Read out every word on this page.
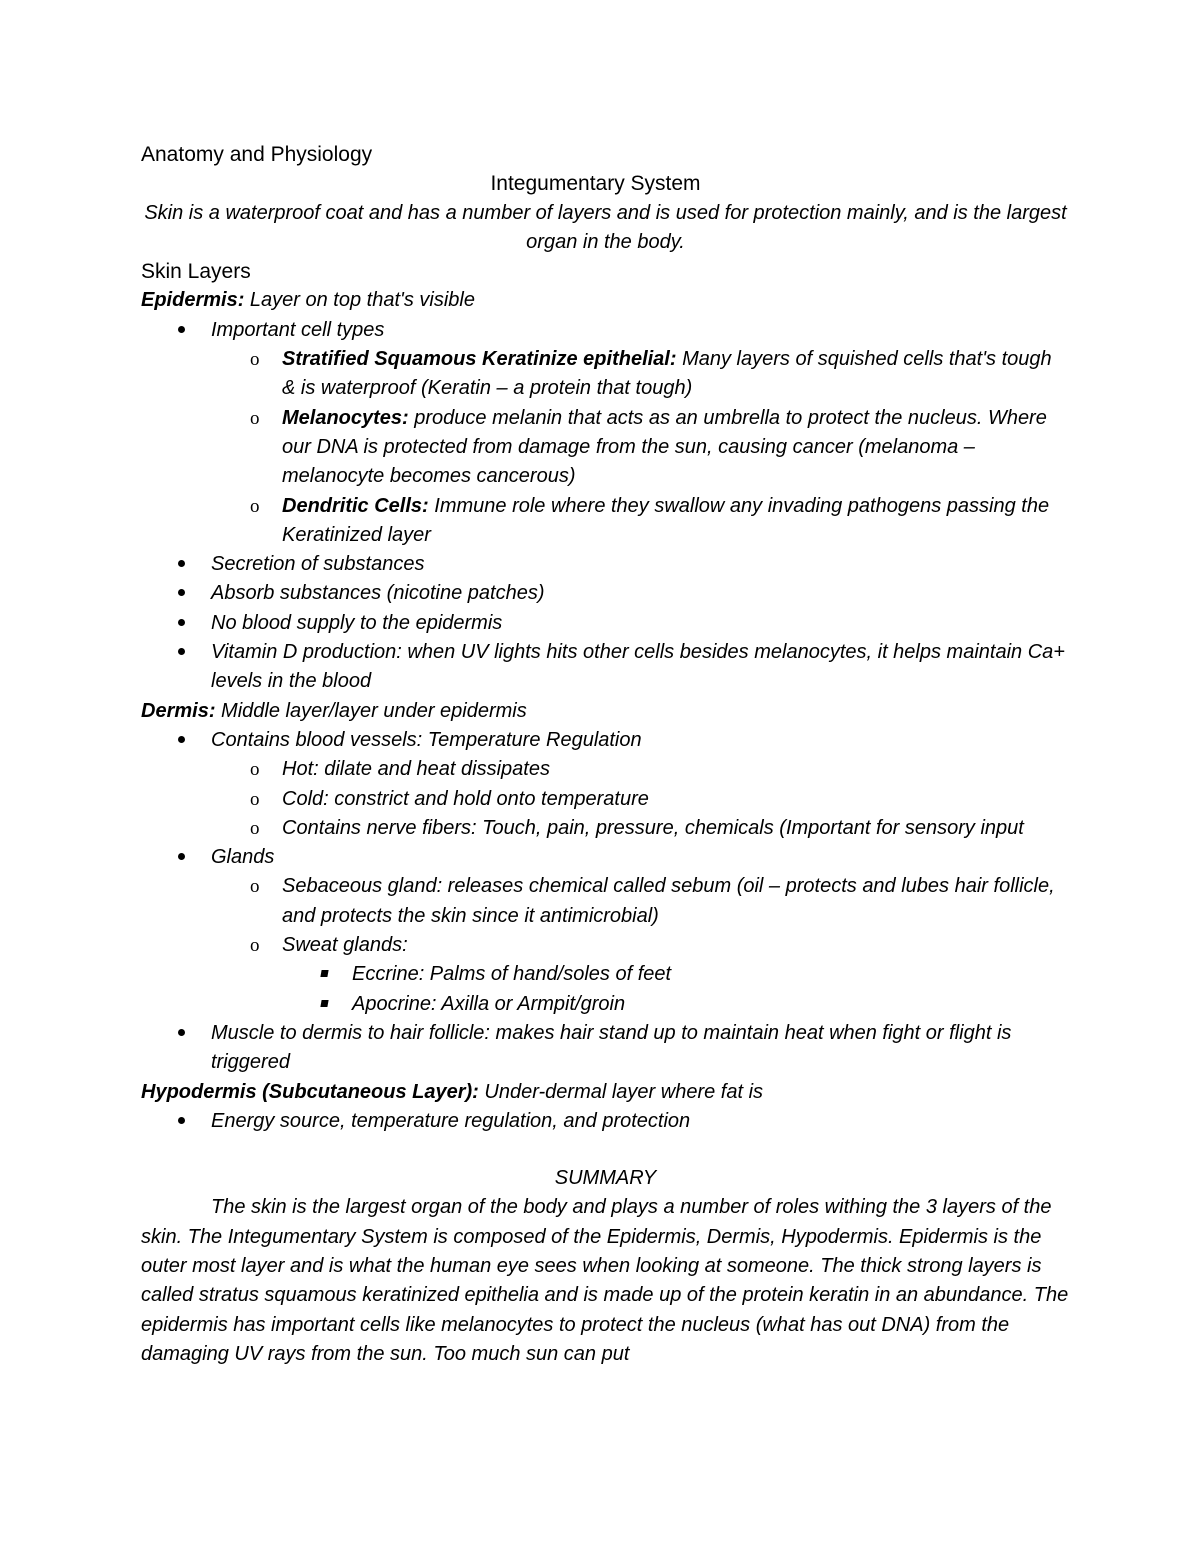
Anatomy and Physiology

Integumentary System

Skin is a waterproof coat and has a number of layers and is used for protection mainly, and is the largest organ in the body.

Skin Layers

Epidermis: Layer on top that's visible

Important cell types
o Stratified Squamous Keratinize epithelial: Many layers of squished cells that's tough & is waterproof (Keratin – a protein that tough)
o Melanocytes: produce melanin that acts as an umbrella to protect the nucleus. Where our DNA is protected from damage from the sun, causing cancer (melanoma – melanocyte becomes cancerous)
o Dendritic Cells: Immune role where they swallow any invading pathogens passing the Keratinized layer
Secretion of substances
Absorb substances (nicotine patches)
No blood supply to the epidermis
Vitamin D production: when UV lights hits other cells besides melanocytes, it helps maintain Ca+ levels in the blood

Dermis: Middle layer/layer under epidermis

Contains blood vessels: Temperature Regulation
o Hot: dilate and heat dissipates
o Cold: constrict and hold onto temperature
o Contains nerve fibers: Touch, pain, pressure, chemicals (Important for sensory input
Glands
o Sebaceous gland: releases chemical called sebum (oil – protects and lubes hair follicle, and protects the skin since it antimicrobial)
o Sweat glands:
Eccrine: Palms of hand/soles of feet
Apocrine: Axilla or Armpit/groin
Muscle to dermis to hair follicle: makes hair stand up to maintain heat when fight or flight is triggered

Hypodermis (Subcutaneous Layer): Under-dermal layer where fat is

Energy source, temperature regulation, and protection

SUMMARY

The skin is the largest organ of the body and plays a number of roles withing the 3 layers of the skin. The Integumentary System is composed of the Epidermis, Dermis, Hypodermis. Epidermis is the outer most layer and is what the human eye sees when looking at someone. The thick strong layers is called stratus squamous keratinized epithelia and is made up of the protein keratin in an abundance. The epidermis has important cells like melanocytes to protect the nucleus (what has out DNA) from the damaging UV rays from the sun. Too much sun can put
